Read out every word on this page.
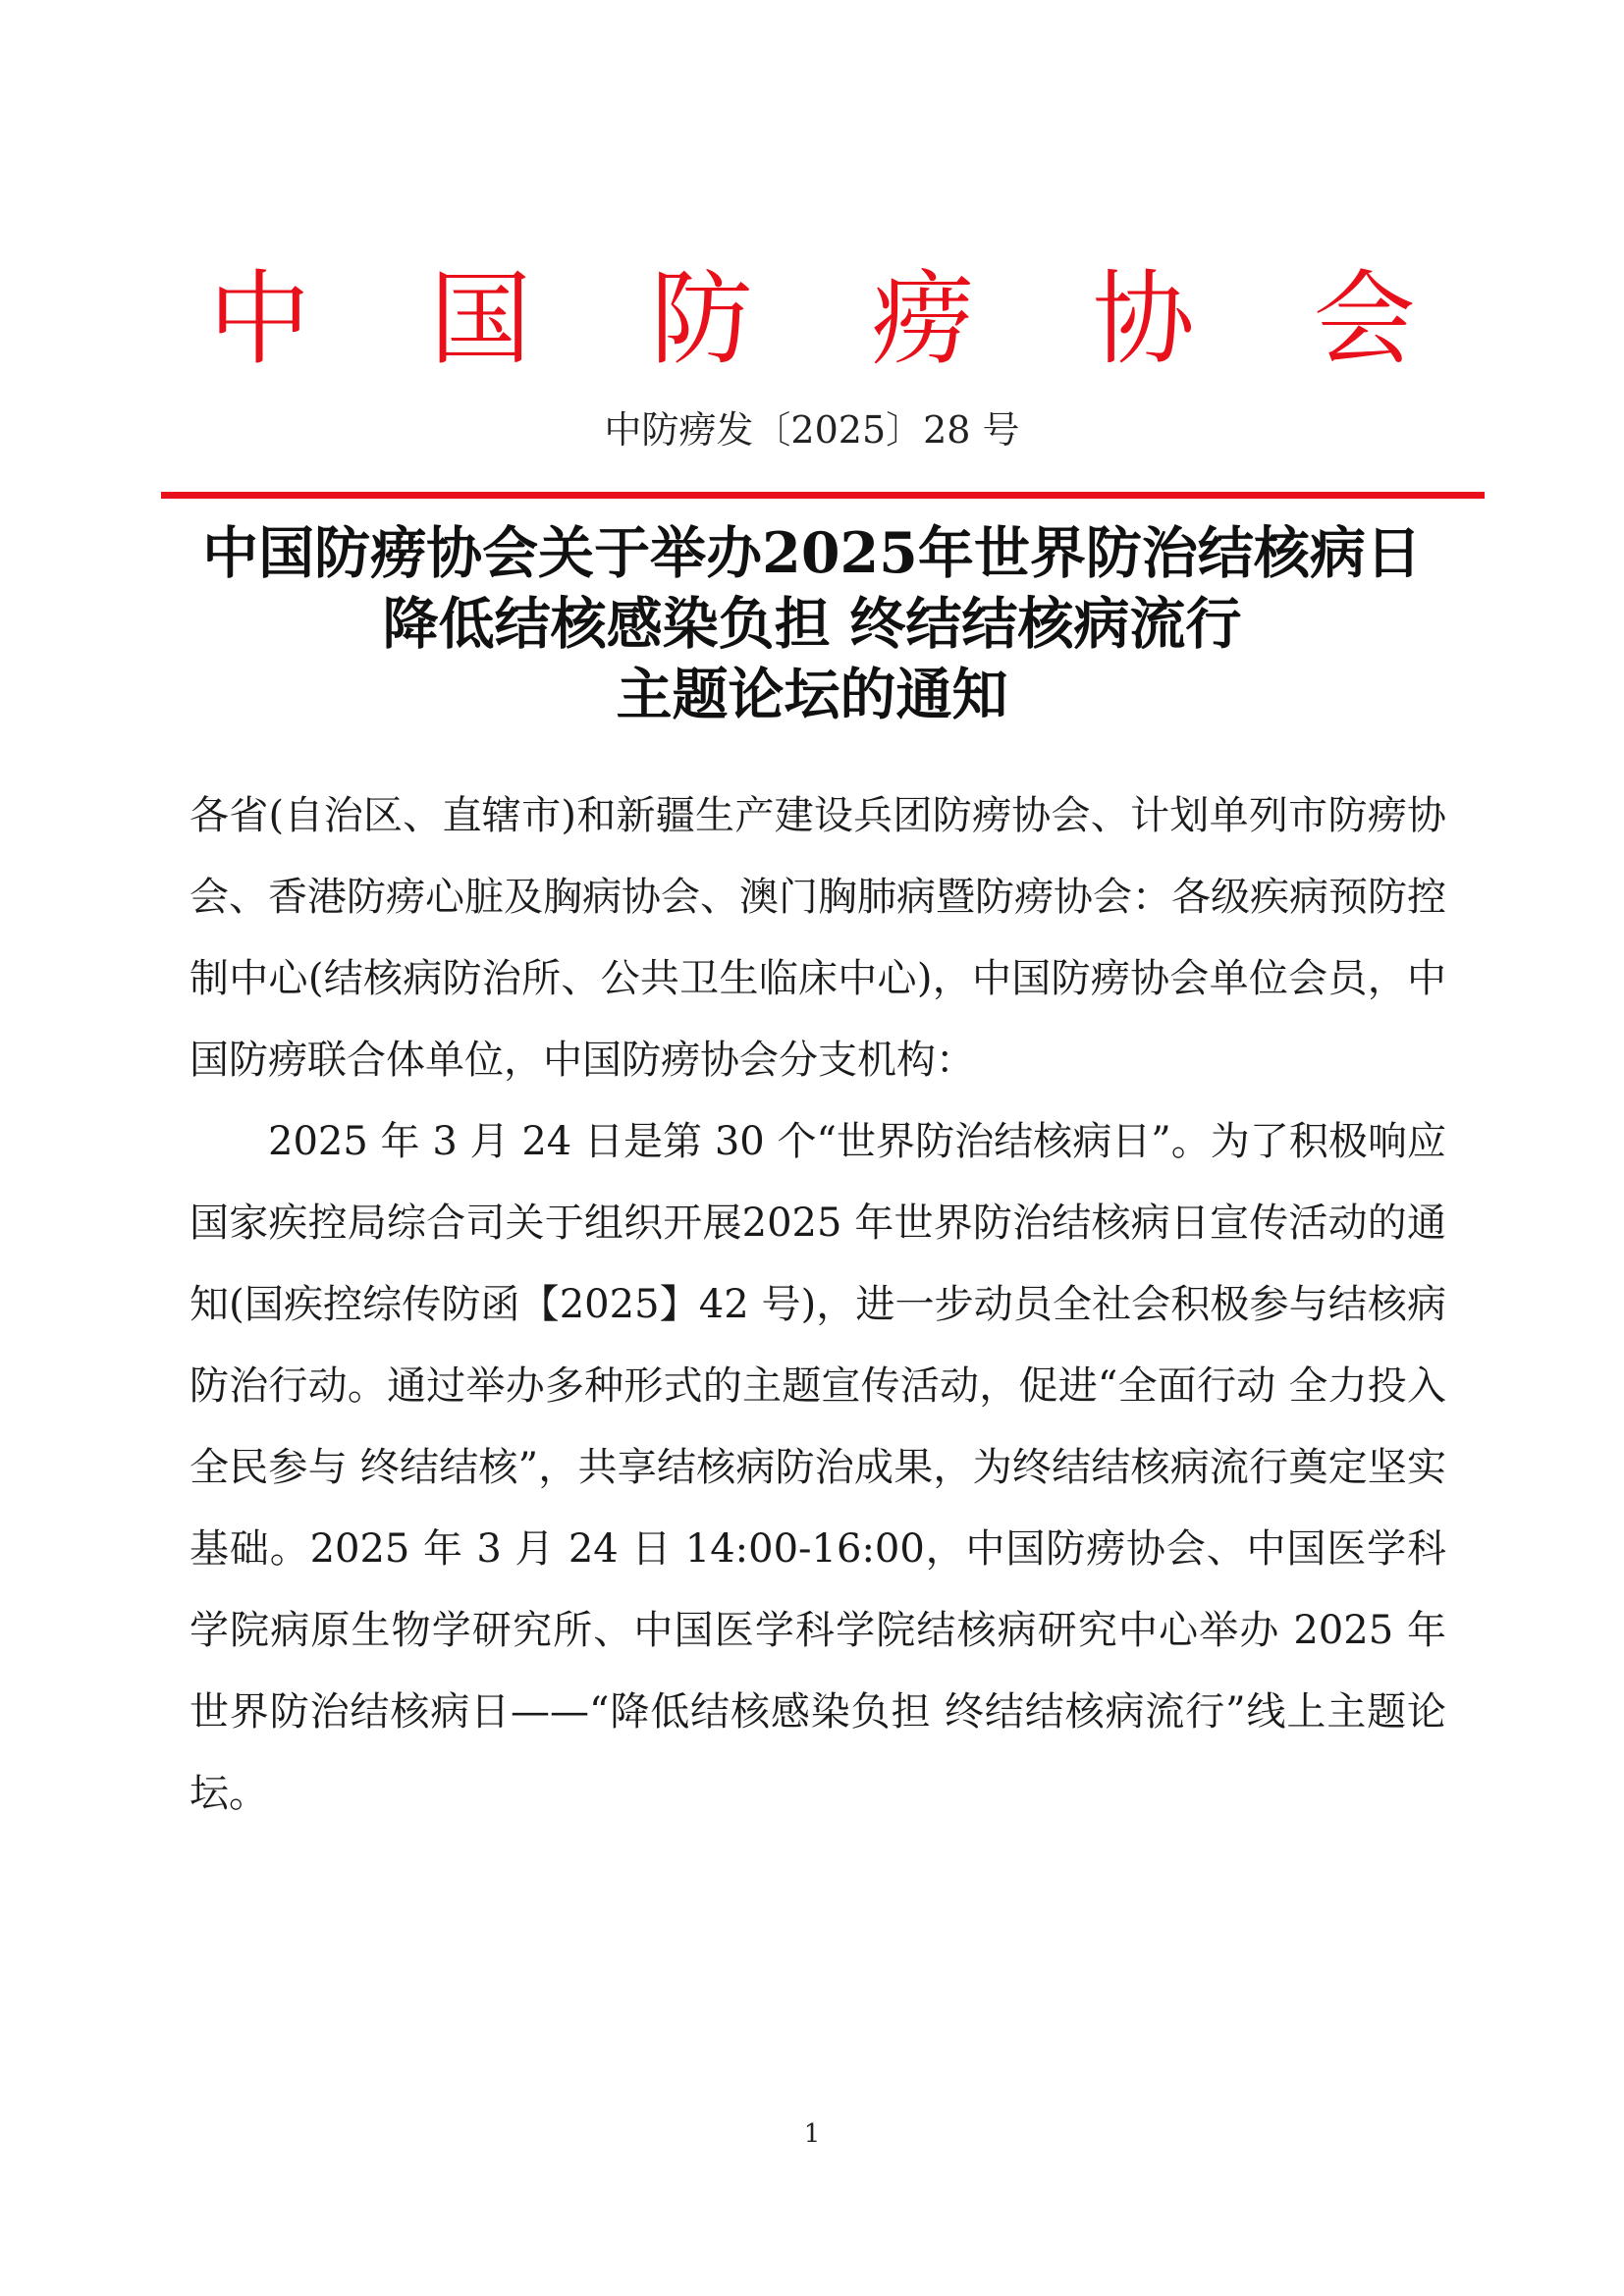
中 国 防 痨 协 会
中防痨发〔2025〕28 号
中国防痨协会关于举办2025年世界防治结核病日
降低结核感染负担 终结结核病流行
主题论坛的通知

各省(自治区、直辖市)和新疆生产建设兵团防痨协会、计划单列市防痨协会、香港防痨心脏及胸病协会、澳门胸肺病暨防痨协会：各级疾病预防控制中心(结核病防治所、公共卫生临床中心)，中国防痨协会单位会员，中国防痨联合体单位，中国防痨协会分支机构：

2025 年 3 月 24 日是第 30 个“世界防治结核病日”。为了积极响应国家疾控局综合司关于组织开展2025 年世界防治结核病日宣传活动的通知(国疾控综传防函【2025】42 号)，进一步动员全社会积极参与结核病防治行动。通过举办多种形式的主题宣传活动，促进“全面行动 全力投入 全民参与 终结结核”，共享结核病防治成果，为终结结核病流行奠定坚实基础。2025 年 3 月 24 日 14:00-16:00，中国防痨协会、中国医学科学院病原生物学研究所、中国医学科学院结核病研究中心举办 2025 年世界防治结核病日——“降低结核感染负担 终结结核病流行”线上主题论坛。

1
